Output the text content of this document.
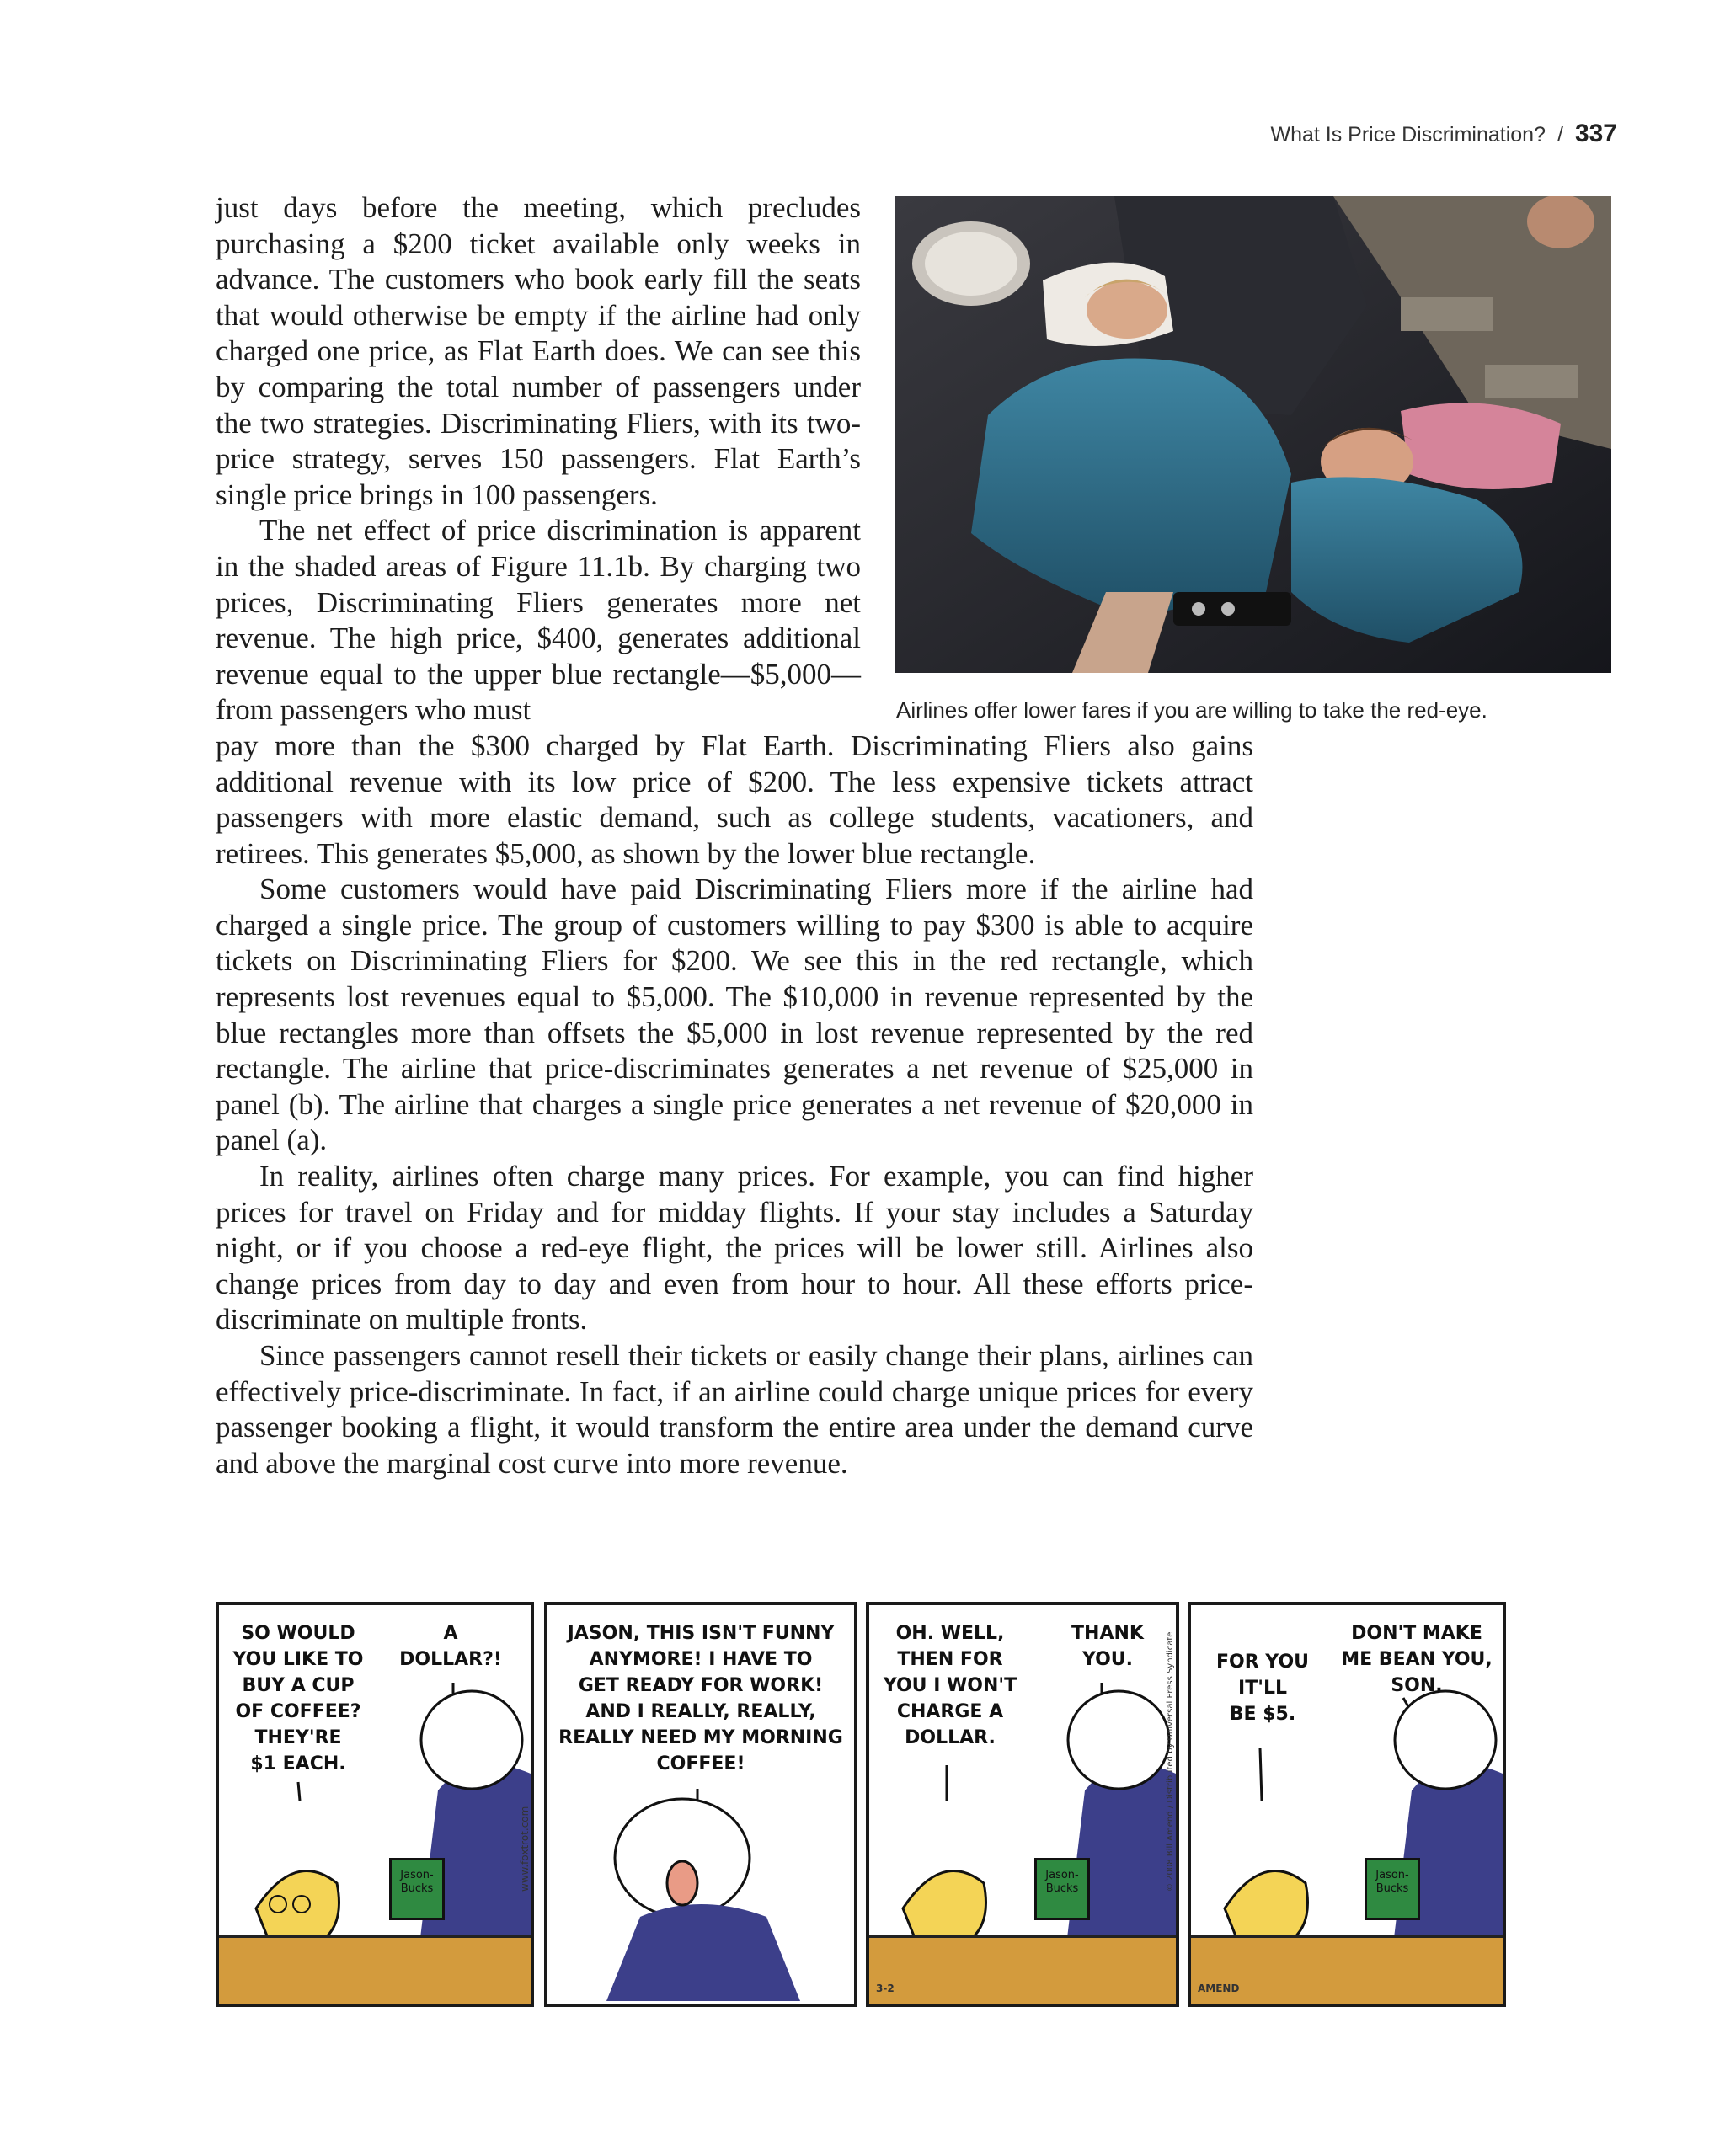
What Is Price Discrimination? / 337
Airlines offer lower fares if you are willing to take the red-eye.

just days before the meeting, which precludes purchasing a $200 ticket available only weeks in advance. The customers who book early fill the seats that would otherwise be empty if the airline had only charged one price, as Flat Earth does. We can see this by comparing the total number of passengers under the two strategies. Discriminating Fliers, with its two-price strategy, serves 150 passengers. Flat Earth’s single price brings in 100 passengers.

The net effect of price discrimination is apparent in the shaded areas of Figure 11.1b. By charging two prices, Discriminating Fliers generates more net revenue. The high price, $400, generates additional revenue equal to the upper blue rectangle—$5,000—from passengers who must

pay more than the $300 charged by Flat Earth. Discriminating Fliers also gains additional revenue with its low price of $200. The less expensive tickets attract passengers with more elastic demand, such as college students, vacationers, and retirees. This generates $5,000, as shown by the lower blue rectangle.

Some customers would have paid Discriminating Fliers more if the airline had charged a single price. The group of customers willing to pay $300 is able to acquire tickets on Discriminating Fliers for $200. We see this in the red rectangle, which represents lost revenues equal to $5,000. The $10,000 in revenue represented by the blue rectangles more than offsets the $5,000 in lost revenue represented by the red rectangle. The airline that price-discriminates generates a net revenue of $25,000 in panel (b). The airline that charges a single price generates a net revenue of $20,000 in panel (a).

In reality, airlines often charge many prices. For example, you can find higher prices for travel on Friday and for midday flights. If your stay includes a Saturday night, or if you choose a red-eye flight, the prices will be lower still. Airlines also change prices from day to day and even from hour to hour. All these efforts price-discriminate on multiple fronts.

Since passengers cannot resell their tickets or easily change their plans, airlines can effectively price-discriminate. In fact, if an airline could charge unique prices for every passenger booking a flight, it would transform the entire area under the demand curve and above the marginal cost curve into more revenue.

SO WOULD
YOU LIKE TO
BUY A CUP
OF COFFEE?
THEY'RE
$1 EACH.
A
DOLLAR?!
Jason- Bucks	www.foxtrot.com
JASON, THIS ISN'T FUNNY
ANYMORE! I HAVE TO
GET READY FOR WORK!
AND I REALLY, REALLY,
REALLY NEED MY MORNING
COFFEE!
OH. WELL,
THEN FOR
YOU I WON'T
CHARGE A
DOLLAR.
THANK
YOU.
Jason- Bucks	© 2008 Bill Amend / Distributed by Universal Press Syndicate
3-2
FOR YOU
IT'LL
BE $5.
DON'T MAKE
ME BEAN YOU,
SON.
Jason- Bucks
AMEND
